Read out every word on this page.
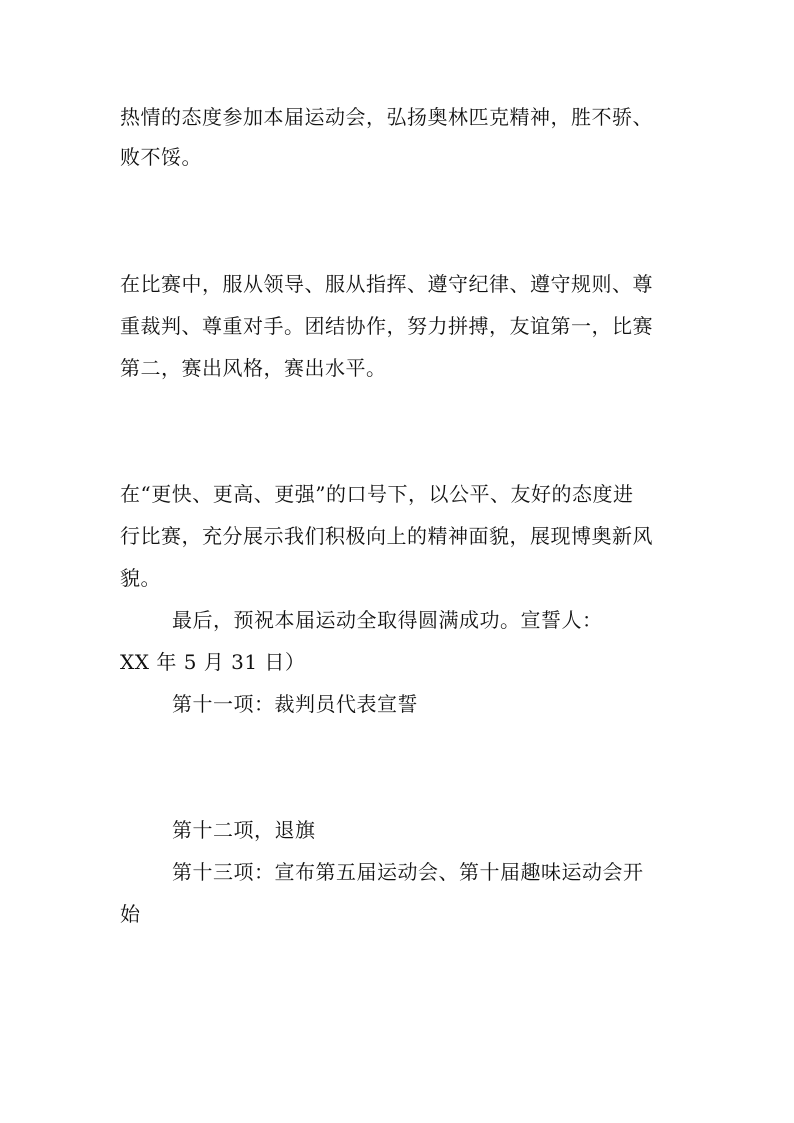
热情的态度参加本届运动会，弘扬奥林匹克精神，胜不骄、
败不馁。
在比赛中，服从领导、服从指挥、遵守纪律、遵守规则、尊
重裁判、尊重对手。团结协作，努力拼搏，友谊第一，比赛
第二，赛出风格，赛出水平。
在“更快、更高、更强”的口号下，以公平、友好的态度进
行比赛，充分展示我们积极向上的精神面貌，展现博奥新风
貌。
最后，预祝本届运动全取得圆满成功。宣誓人：
XX 年 5 月 31 日）
第十一项：裁判员代表宣誓
第十二项，退旗
第十三项：宣布第五届运动会、第十届趣味运动会开
始
